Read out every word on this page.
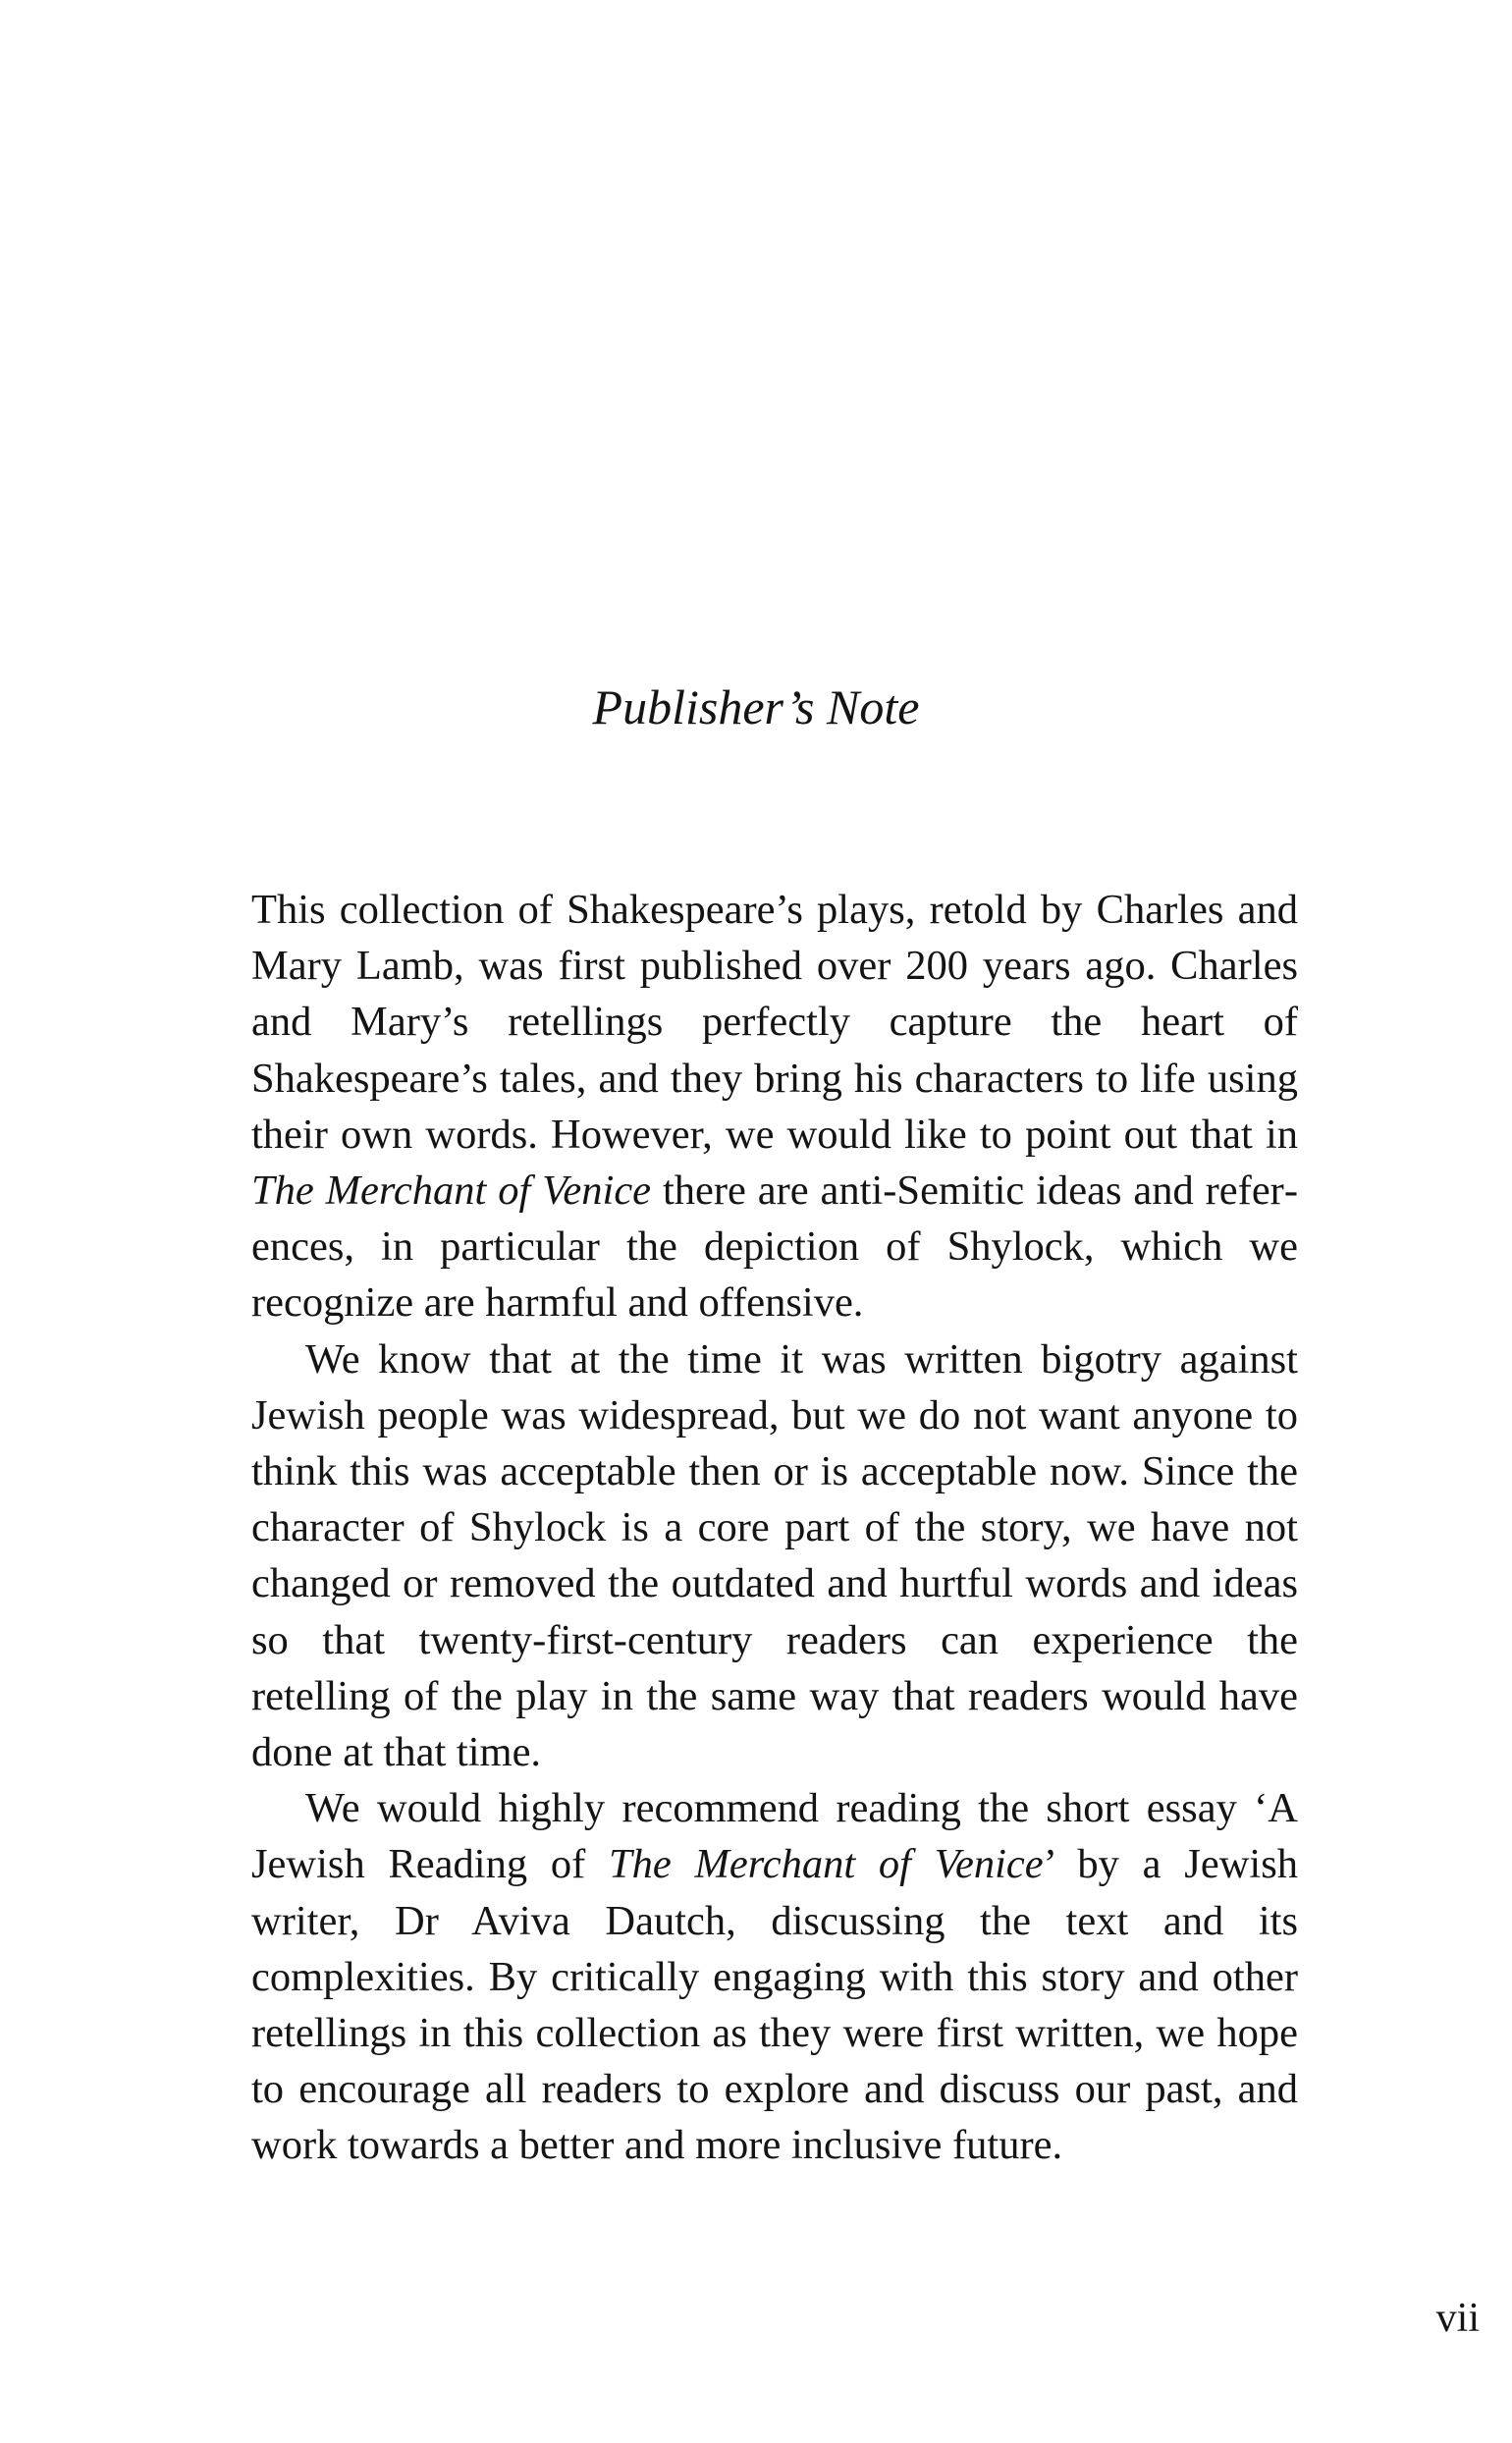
Publisher’s Note

This collection of Shakespeare’s plays, retold by Charles and Mary Lamb, was first published over 200 years ago. Charles and Mary’s retellings perfectly capture the heart of Shakespeare’s tales, and they bring his characters to life using their own words. However, we would like to point out that in The Merchant of Venice there are anti-Semitic ideas and references, in particular the depiction of Shylock, which we recognize are harmful and offensive.

We know that at the time it was written bigotry against Jewish people was widespread, but we do not want anyone to think this was acceptable then or is acceptable now. Since the character of Shylock is a core part of the story, we have not changed or removed the outdated and hurtful words and ideas so that twenty-first-century readers can experience the retelling of the play in the same way that readers would have done at that time.

We would highly recommend reading the short essay ‘A Jewish Reading of The Merchant of Venice’ by a Jewish writer, Dr Aviva Dautch, discussing the text and its complexities. By critically engaging with this story and other retellings in this collection as they were first written, we hope to encourage all readers to explore and discuss our past, and work towards a better and more inclusive future.

vii
